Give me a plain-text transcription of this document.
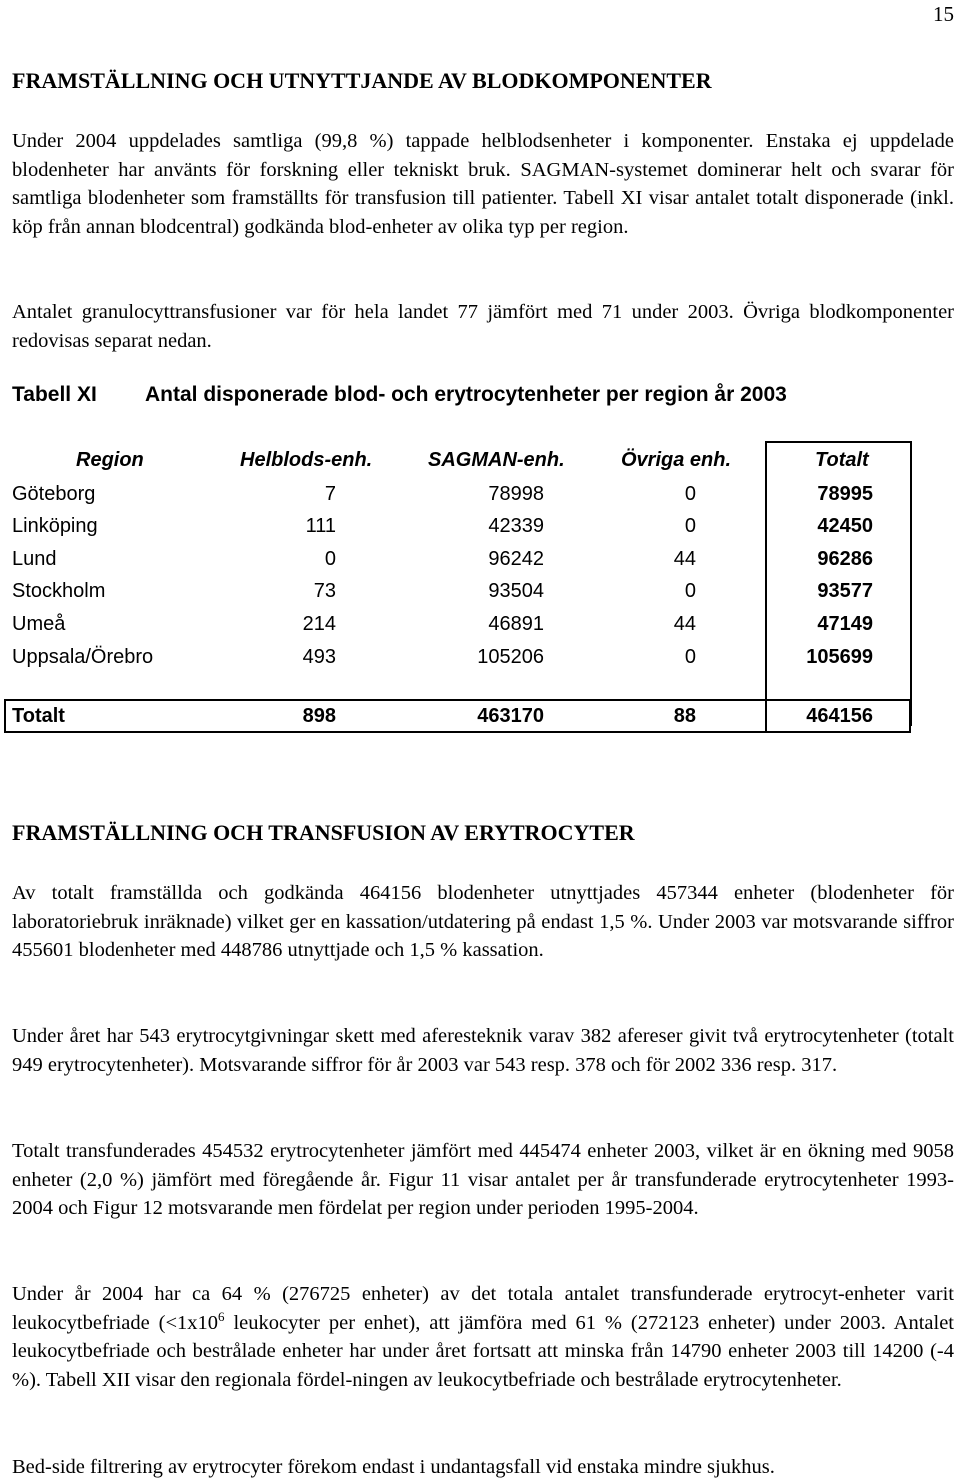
15
FRAMSTÄLLNING OCH UTNYTTJANDE AV BLODKOMPONENTER

Under 2004 uppdelades samtliga (99,8 %) tappade helblodsenheter i komponenter. Enstaka ej uppdelade blodenheter har använts för forskning eller tekniskt bruk. SAGMAN-systemet dominerar helt och svarar för samtliga blodenheter som framställts för transfusion till patienter. Tabell XI visar antalet totalt disponerade (inkl. köp från annan blodcentral) godkända blod-enheter av olika typ per region.

Antalet granulocyttransfusioner var för hela landet 77 jämfört med 71 under 2003. Övriga blodkomponenter redovisas separat nedan.

Tabell XI Antal disponerade blod- och erytrocytenheter per region år 2003
Region	Helblods-enh.	SAGMAN-enh.	Övriga enh.	Totalt
Göteborg	7	78998	0	78995
Linköping	111	42339	0	42450
Lund	0	96242	44	96286
Stockholm	73	93504	0	93577
Umeå	214	46891	44	47149
Uppsala/Örebro	493	105206	0	105699
Totalt	898	463170	88	464156
FRAMSTÄLLNING OCH TRANSFUSION AV ERYTROCYTER

Av totalt framställda och godkända 464156 blodenheter utnyttjades 457344 enheter (blodenheter för laboratoriebruk inräknade) vilket ger en kassation/utdatering på endast 1,5 %. Under 2003 var motsvarande siffror 455601 blodenheter med 448786 utnyttjade och 1,5 % kassation.

Under året har 543 erytrocytgivningar skett med aferesteknik varav 382 afereser givit två erytrocytenheter (totalt 949 erytrocytenheter). Motsvarande siffror för år 2003 var 543 resp. 378 och för 2002 336 resp. 317.

Totalt transfunderades 454532 erytrocytenheter jämfört med 445474 enheter 2003, vilket är en ökning med 9058 enheter (2,0 %) jämfört med föregående år. Figur 11 visar antalet per år transfunderade erytrocytenheter 1993-2004 och Figur 12 motsvarande men fördelat per region under perioden 1995-2004.

Under år 2004 har ca 64 % (276725 enheter) av det totala antalet transfunderade erytrocyt-enheter varit leukocytbefriade ($<1x10^6$ leukocyter per enhet), att jämföra med 61 % (272123 enheter) under 2003. Antalet leukocytbefriade och bestrålade enheter har under året fortsatt att minska från 14790 enheter 2003 till 14200 (-4 %). Tabell XII visar den regionala fördel-ningen av leukocytbefriade och bestrålade erytrocytenheter.

Bed-side filtrering av erytrocyter förekom endast i undantagsfall vid enstaka mindre sjukhus.
